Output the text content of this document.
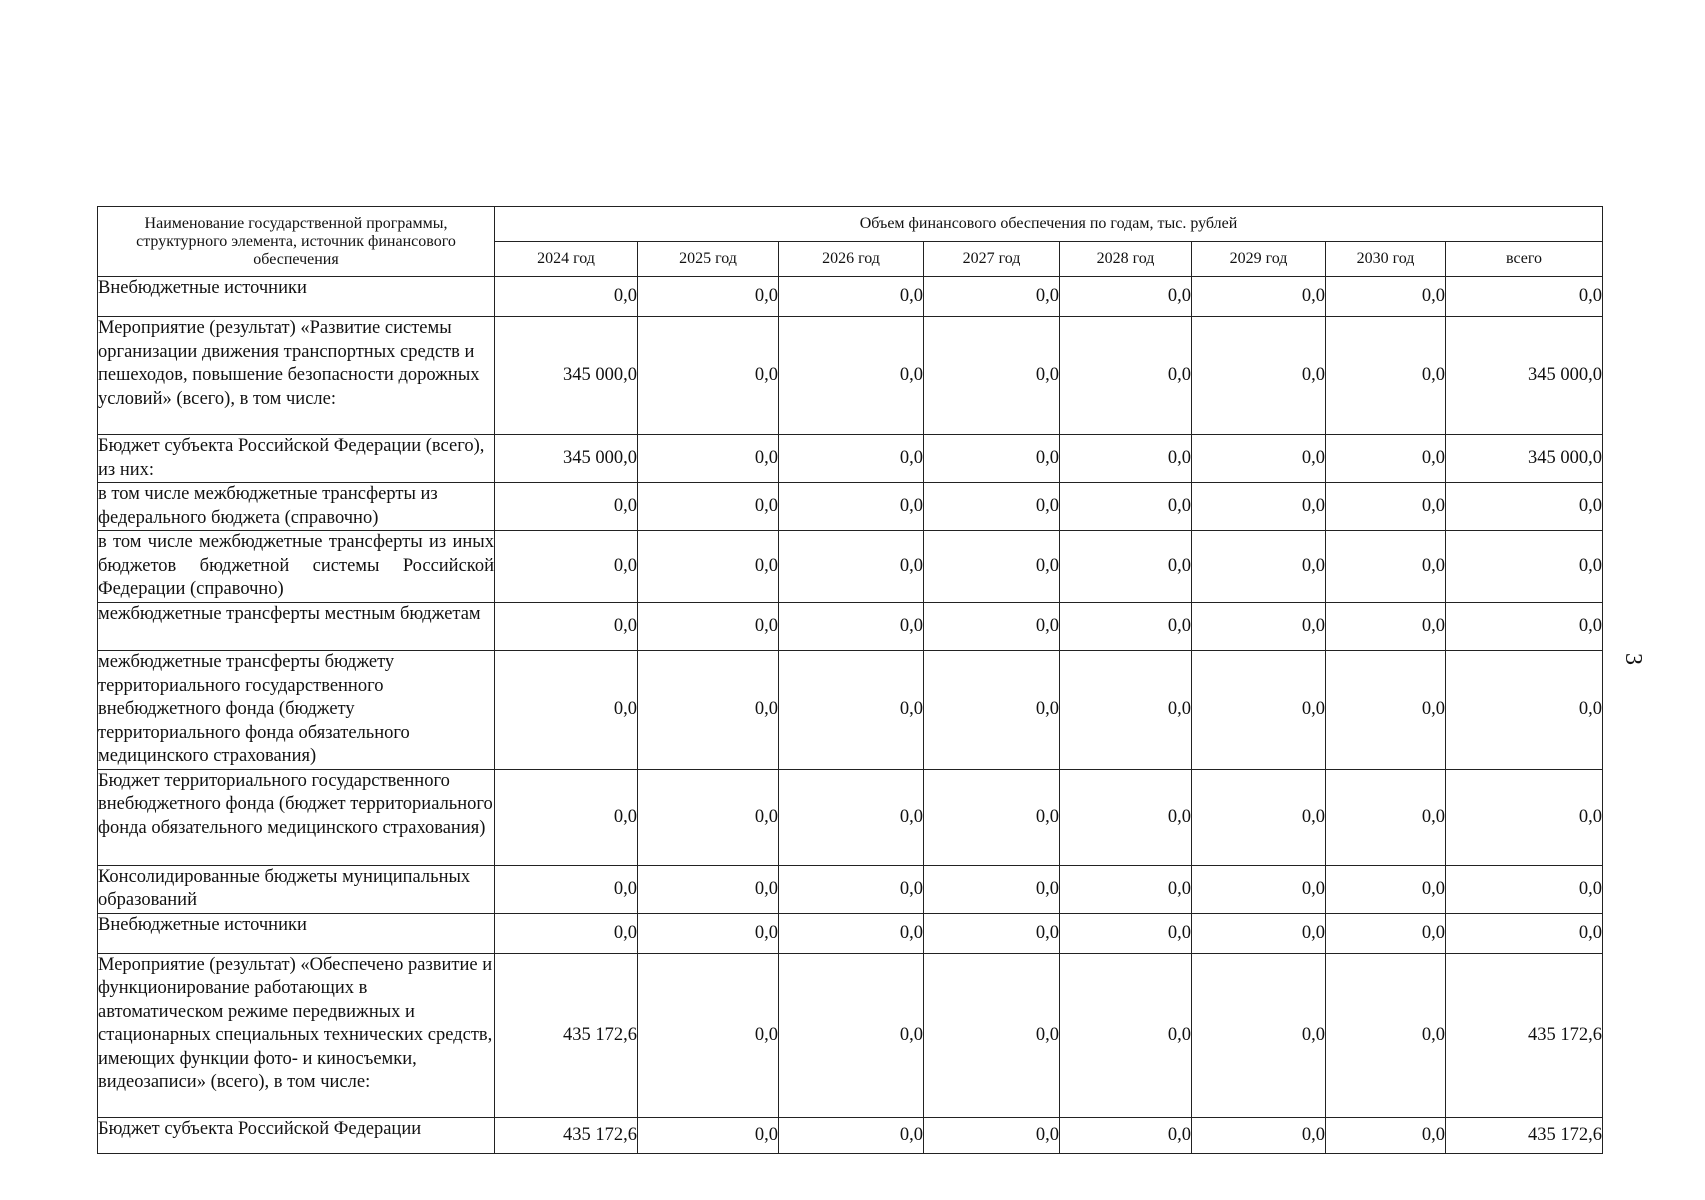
Наименование государственной программы, структурного элемента, источник финансового обеспечения	Объем финансового обеспечения по годам, тыс. рублей							
	2024 год	2025 год	2026 год	2027 год	2028 год	2029 год	2030 год	всего
Внебюджетные источники	0,0	0,0	0,0	0,0	0,0	0,0	0,0	0,0
Мероприятие (результат) «Развитие системы организации движения транспортных средств и пешеходов, повышение безопасности дорожных условий» (всего), в том числе:	345 000,0	0,0	0,0	0,0	0,0	0,0	0,0	345 000,0
Бюджет субъекта Российской Федерации (всего), из них:	345 000,0	0,0	0,0	0,0	0,0	0,0	0,0	345 000,0
в том числе межбюджетные трансферты из федерального бюджета (справочно)	0,0	0,0	0,0	0,0	0,0	0,0	0,0	0,0
в том числе межбюджетные трансферты из иных бюджетов бюджетной системы Российской Федерации (справочно)	0,0	0,0	0,0	0,0	0,0	0,0	0,0	0,0
межбюджетные трансферты местным бюджетам	0,0	0,0	0,0	0,0	0,0	0,0	0,0	0,0
межбюджетные трансферты бюджету территориального государственного внебюджетного фонда (бюджету территориального фонда обязательного медицинского страхования)	0,0	0,0	0,0	0,0	0,0	0,0	0,0	0,0
Бюджет территориального государственного внебюджетного фонда (бюджет территориального фонда обязательного медицинского страхования)	0,0	0,0	0,0	0,0	0,0	0,0	0,0	0,0
Консолидированные бюджеты муниципальных образований	0,0	0,0	0,0	0,0	0,0	0,0	0,0	0,0
Внебюджетные источники	0,0	0,0	0,0	0,0	0,0	0,0	0,0	0,0
Мероприятие (результат) «Обеспечено развитие и функционирование работающих в автоматическом режиме передвижных и стационарных специальных технических средств, имеющих функции фото- и киносъемки, видеозаписи» (всего), в том числе:	435 172,6	0,0	0,0	0,0	0,0	0,0	0,0	435 172,6
Бюджет субъекта Российской Федерации	435 172,6	0,0	0,0	0,0	0,0	0,0	0,0	435 172,6
3
